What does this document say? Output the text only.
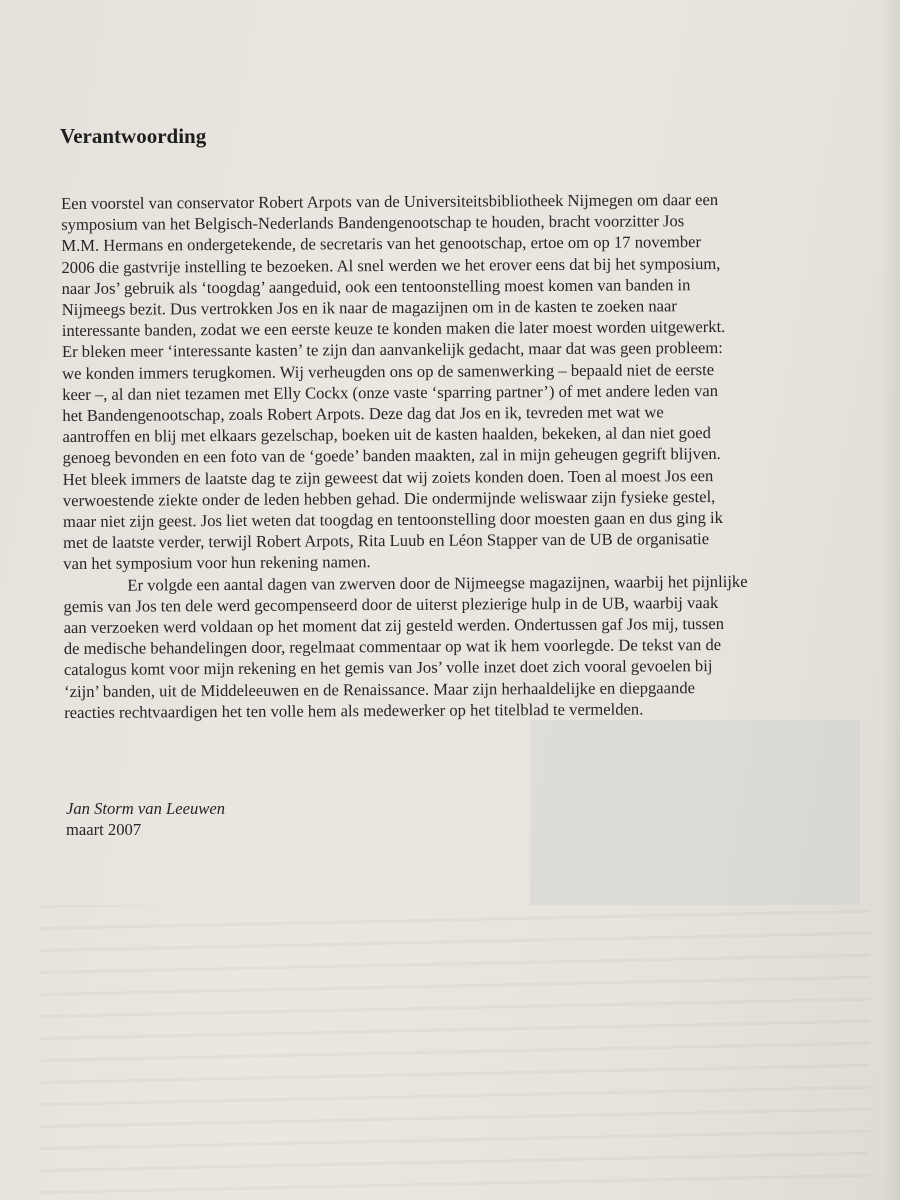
Verantwoording
Een voorstel van conservator Robert Arpots van de Universiteitsbibliotheek Nijmegen om daar een
symposium van het Belgisch-Nederlands Bandengenootschap te houden, bracht voorzitter Jos
M.M. Hermans en ondergetekende, de secretaris van het genootschap, ertoe om op 17 november
2006 die gastvrije instelling te bezoeken. Al snel werden we het erover eens dat bij het symposium,
naar Jos’ gebruik als ‘toogdag’ aangeduid, ook een tentoonstelling moest komen van banden in
Nijmeegs bezit. Dus vertrokken Jos en ik naar de magazijnen om in de kasten te zoeken naar
interessante banden, zodat we een eerste keuze te konden maken die later moest worden uitgewerkt.
Er bleken meer ‘interessante kasten’ te zijn dan aanvankelijk gedacht, maar dat was geen probleem:
we konden immers terugkomen. Wij verheugden ons op de samenwerking – bepaald niet de eerste
keer –, al dan niet tezamen met Elly Cockx (onze vaste ‘sparring partner’) of met andere leden van
het Bandengenootschap, zoals Robert Arpots. Deze dag dat Jos en ik, tevreden met wat we
aantroffen en blij met elkaars gezelschap, boeken uit de kasten haalden, bekeken, al dan niet goed
genoeg bevonden en een foto van de ‘goede’ banden maakten, zal in mijn geheugen gegrift blijven.
Het bleek immers de laatste dag te zijn geweest dat wij zoiets konden doen. Toen al moest Jos een
verwoestende ziekte onder de leden hebben gehad. Die ondermijnde weliswaar zijn fysieke gestel,
maar niet zijn geest. Jos liet weten dat toogdag en tentoonstelling door moesten gaan en dus ging ik
met de laatste verder, terwijl Robert Arpots, Rita Luub en Léon Stapper van de UB de organisatie
van het symposium voor hun rekening namen.
Er volgde een aantal dagen van zwerven door de Nijmeegse magazijnen, waarbij het pijnlijke
gemis van Jos ten dele werd gecompenseerd door de uiterst plezierige hulp in de UB, waarbij vaak
aan verzoeken werd voldaan op het moment dat zij gesteld werden. Ondertussen gaf Jos mij, tussen
de medische behandelingen door, regelmaat commentaar op wat ik hem voorlegde. De tekst van de
catalogus komt voor mijn rekening en het gemis van Jos’ volle inzet doet zich vooral gevoelen bij
‘zijn’ banden, uit de Middeleeuwen en de Renaissance. Maar zijn herhaaldelijke en diepgaande
reacties rechtvaardigen het ten volle hem als medewerker op het titelblad te vermelden.
Jan Storm van Leeuwen
maart 2007
